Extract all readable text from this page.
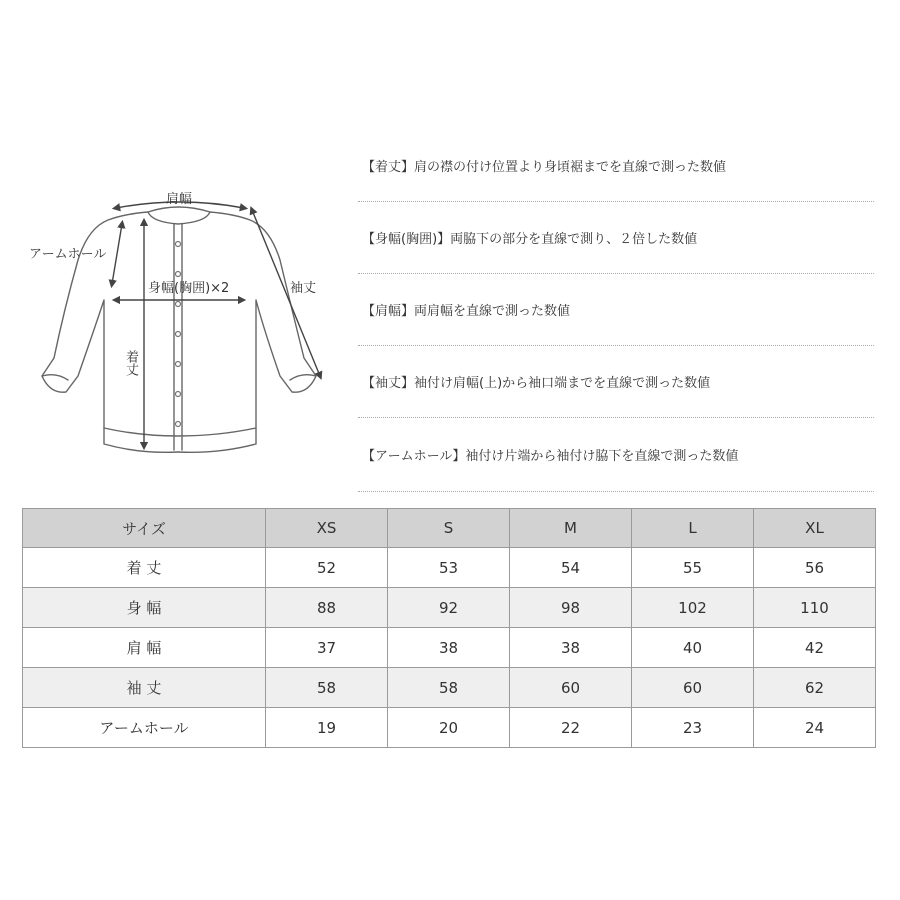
肩幅
アームホール
身幅(胸囲)×2	袖丈
着丈
【着丈】 肩の襟の付け位置より身頃裾までを直線で測った数値
【身幅(胸囲)】 両脇下の部分を直線で測り、２倍した数値
【肩幅】 両肩幅を直線で測った数値
【袖丈】 袖付け肩幅(上)から袖口端までを直線で測った数値
【アームホール】 袖付け片端から袖付け脇下を直線で測った数値
サイズ	XS	S	M	L	XL
着 丈	52	53	54	55	56
身 幅	88	92	98	102	110
肩 幅	37	38	38	40	42
袖 丈	58	58	60	60	62
アームホール	19	20	22	23	24
